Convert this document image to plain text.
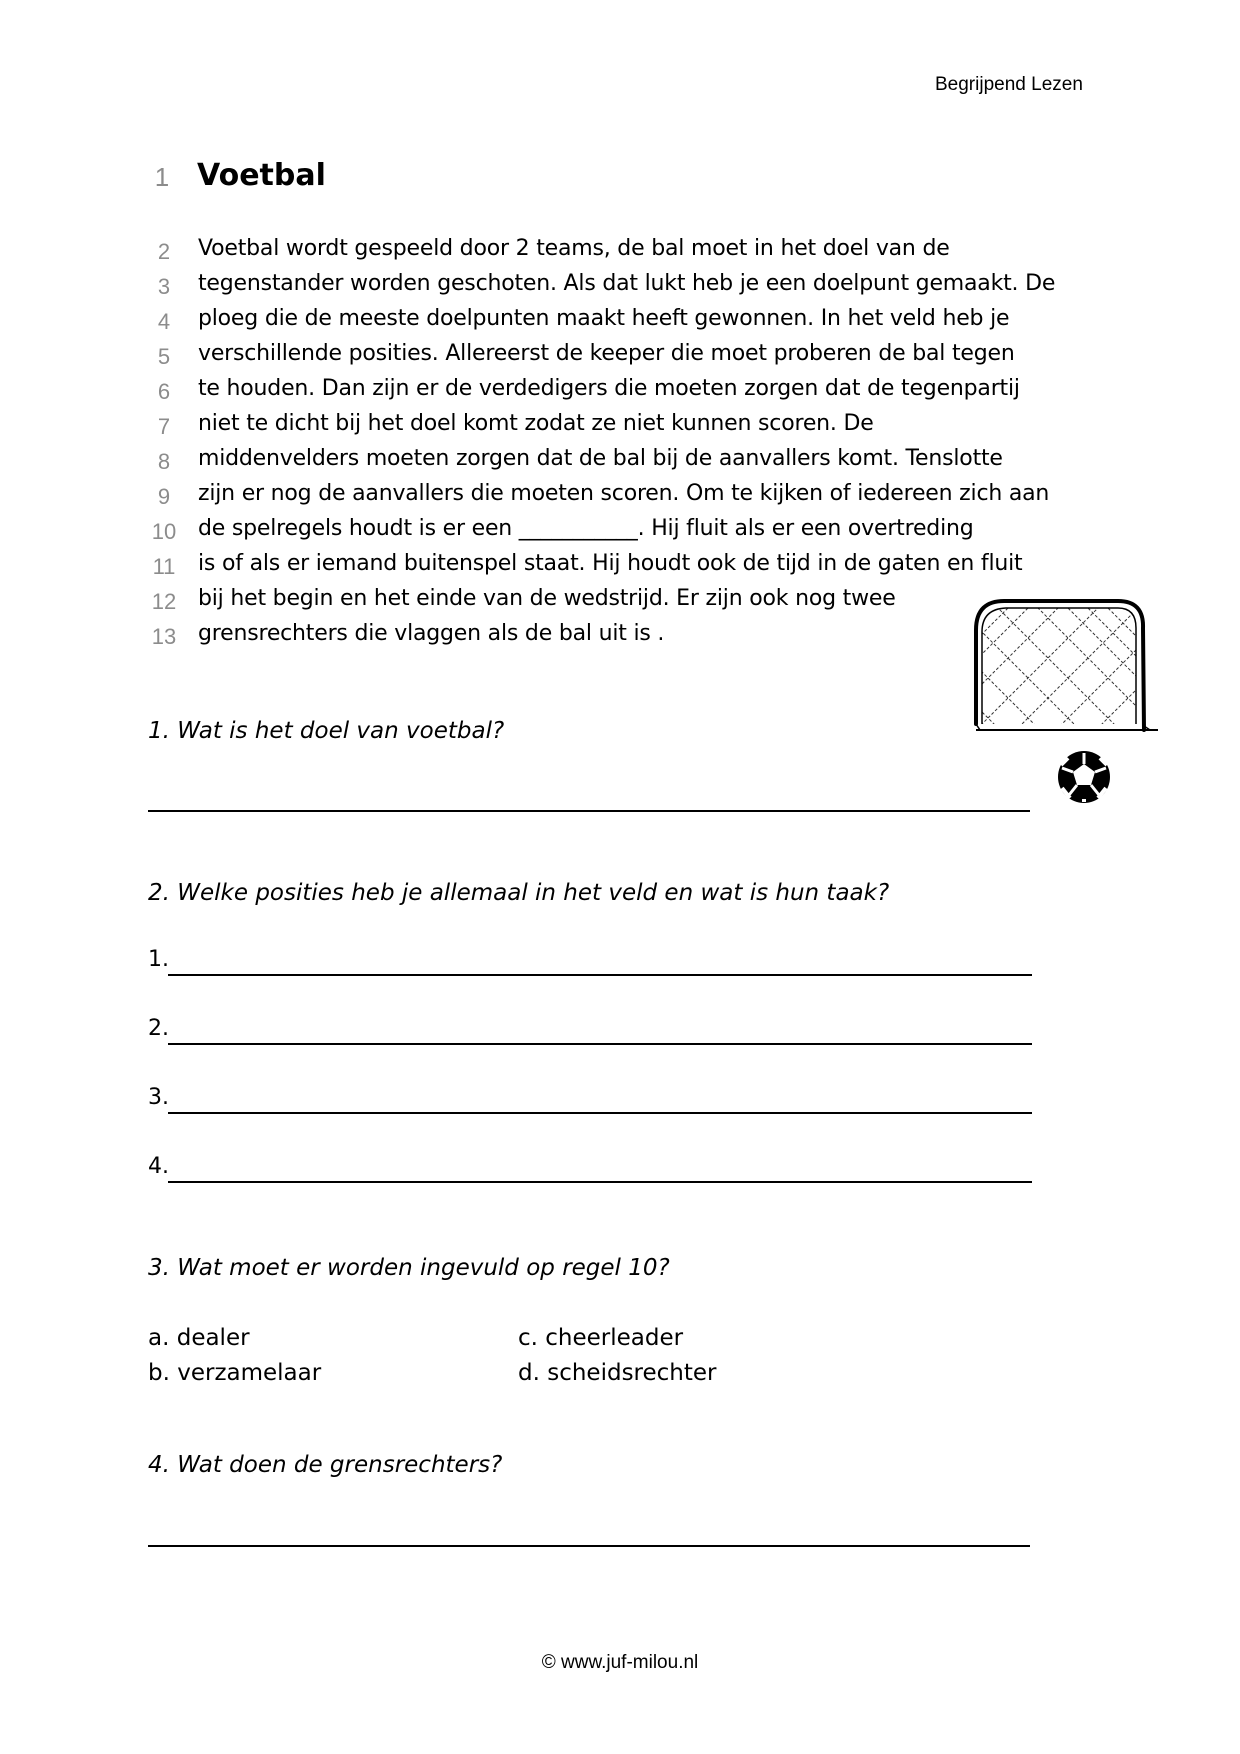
Begrijpend Lezen
1 Voetbal
2	Voetbal wordt gespeeld door 2 teams, de bal moet in het doel van de
3	tegenstander worden geschoten. Als dat lukt heb je een doelpunt gemaakt. De
4	ploeg die de meeste doelpunten maakt heeft gewonnen. In het veld heb je
5	verschillende posities. Allereerst de keeper die moet proberen de bal tegen
6	te houden. Dan zijn er de verdedigers die moeten zorgen dat de tegenpartij
7	niet te dicht bij het doel komt zodat ze niet kunnen scoren. De
8	middenvelders moeten zorgen dat de bal bij de aanvallers komt. Tenslotte
9	zijn er nog de aanvallers die moeten scoren. Om te kijken of iedereen zich aan
10 de spelregels houdt is er een ___________. Hij fluit als er een overtreding
11 is of als er iemand buitenspel staat. Hij houdt ook de tijd in de gaten en fluit
12 bij het begin en het einde van de wedstrijd. Er zijn ook nog twee
13 grensrechters die vlaggen als de bal uit is .
1. Wat is het doel van voetbal?
2. Welke posities heb je allemaal in het veld en wat is hun taak?
1.
2.
3.
4.
3. Wat moet er worden ingevuld op regel 10?
a. dealer
b. verzamelaar
c. cheerleader
d. scheidsrechter
4. Wat doen de grensrechters?
© www.juf-milou.nl
